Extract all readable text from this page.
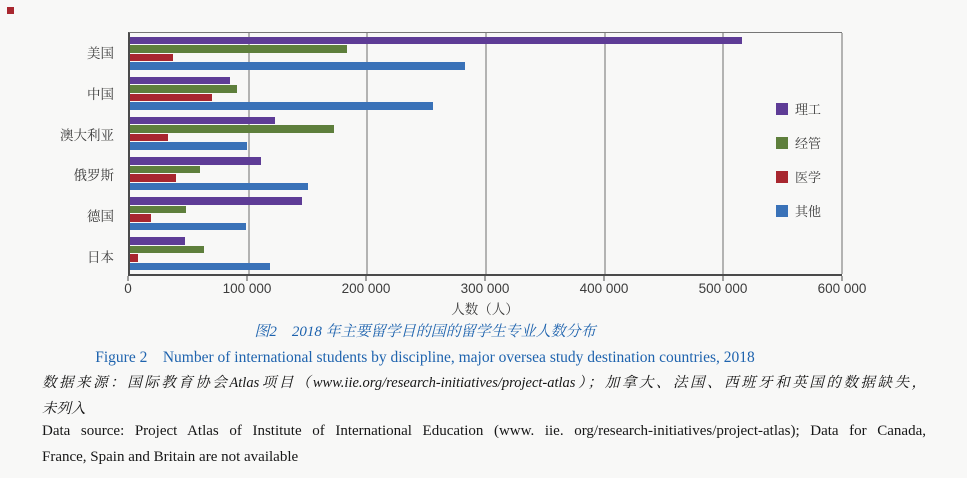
美国
中国
澳大利亚
俄罗斯
德国
日本
理工
经管
医学
其他
0	100 000	200 000	300 000	400 000	500 000	600 000
人数（人）
图2　2018 年主要留学目的国的留学生专业人数分布
Figure 2　Number of international students by discipline, major oversea study destination countries, 2018
数据来源：国际教育协会Atlas项目（www.iie.org/research-initiatives/project-atlas）；加拿大、法国、西班牙和英国的数据缺失，
未列入
Data source: Project Atlas of Institute of International Education (www. iie. org/research-initiatives/project-atlas); Data for Canada,
France, Spain and Britain are not available
